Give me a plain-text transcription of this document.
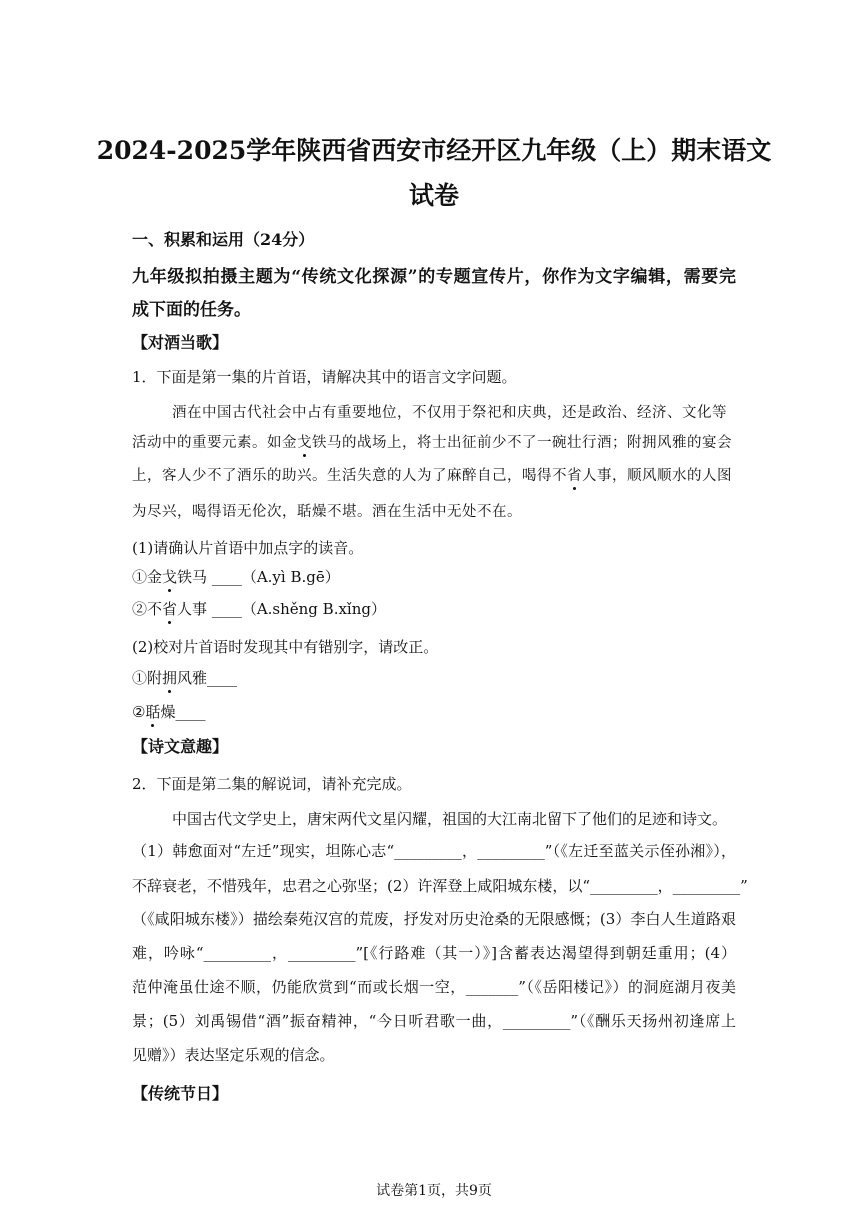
2024-2025学年陕西省西安市经开区九年级（上）期末语文

试卷

一、积累和运用（24分）

九年级拟拍摄主题为“传统文化探源”的专题宣传片，你作为文字编辑，需要完

成下面的任务。

【对酒当歌】

1．下面是第一集的片首语，请解决其中的语言文字问题。

酒在中国古代社会中占有重要地位，不仅用于祭祀和庆典，还是政治、经济、文化等

活动中的重要元素。如金戈铁马的战场上，将士出征前少不了一碗壮行酒；附拥风雅的宴会

上，客人少不了酒乐的助兴。生活失意的人为了麻醉自己，喝得不省人事，顺风顺水的人图

为尽兴，喝得语无伦次，聒燥不堪。酒在生活中无处不在。

(1)请确认片首语中加点字的读音。

①金戈铁马 ____（A.yì B.gē）

②不省人事 ____（A.shěng B.xǐng）

(2)校对片首语时发现其中有错别字，请改正。

①附拥风雅____

②聒燥____

【诗文意趣】

2．下面是第二集的解说词，请补充完成。

中国古代文学史上，唐宋两代文星闪耀，祖国的大江南北留下了他们的足迹和诗文。

（1）韩愈面对“左迁”现实，坦陈心志“_________，_________”（《左迁至蓝关示侄孙湘》），

不辞衰老，不惜残年，忠君之心弥坚；(2）许浑登上咸阳城东楼，以“_________，_________”

（《咸阳城东楼》）描绘秦苑汉宫的荒废，抒发对历史沧桑的无限感慨；(3）李白人生道路艰

难，吟咏“_________，_________”[《行路难（其一）》]含蓄表达渴望得到朝廷重用；(4）

范仲淹虽仕途不顺，仍能欣赏到“而或长烟一空，_______”（《岳阳楼记》）的洞庭湖月夜美

景；(5）刘禹锡借“酒”振奋精神，“今日听君歌一曲，_________”（《酬乐天扬州初逢席上

见赠》）表达坚定乐观的信念。

【传统节日】

试卷第1页，共9页
